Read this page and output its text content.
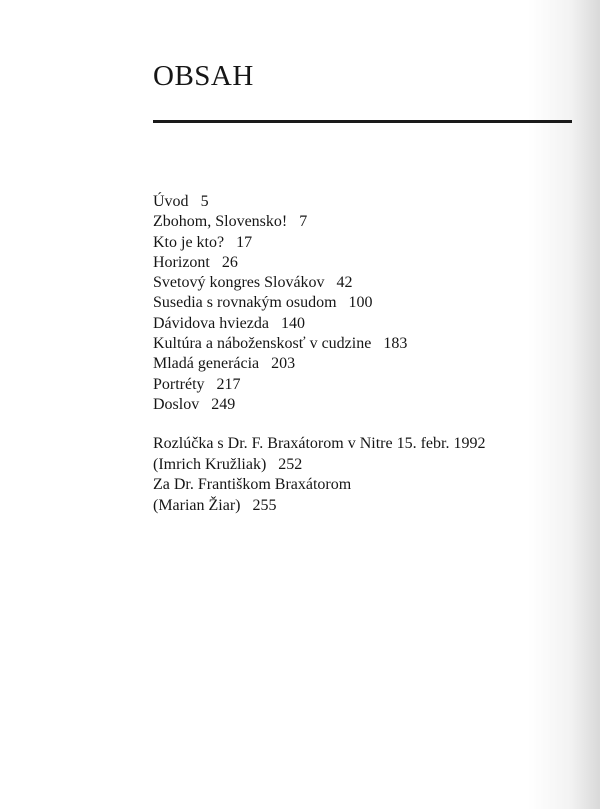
OBSAH
Úvod 5
Zbohom, Slovensko! 7
Kto je kto? 17
Horizont 26
Svetový kongres Slovákov 42
Susedia s rovnakým osudom 100
Dávidova hviezda 140
Kultúra a náboženskosť v cudzine 183
Mladá generácia 203
Portréty 217
Doslov 249
Rozlúčka s Dr. F. Braxátorom v Nitre 15. febr. 1992
(Imrich Kružliak) 252
Za Dr. Františkom Braxátorom
(Marian Žiar) 255
